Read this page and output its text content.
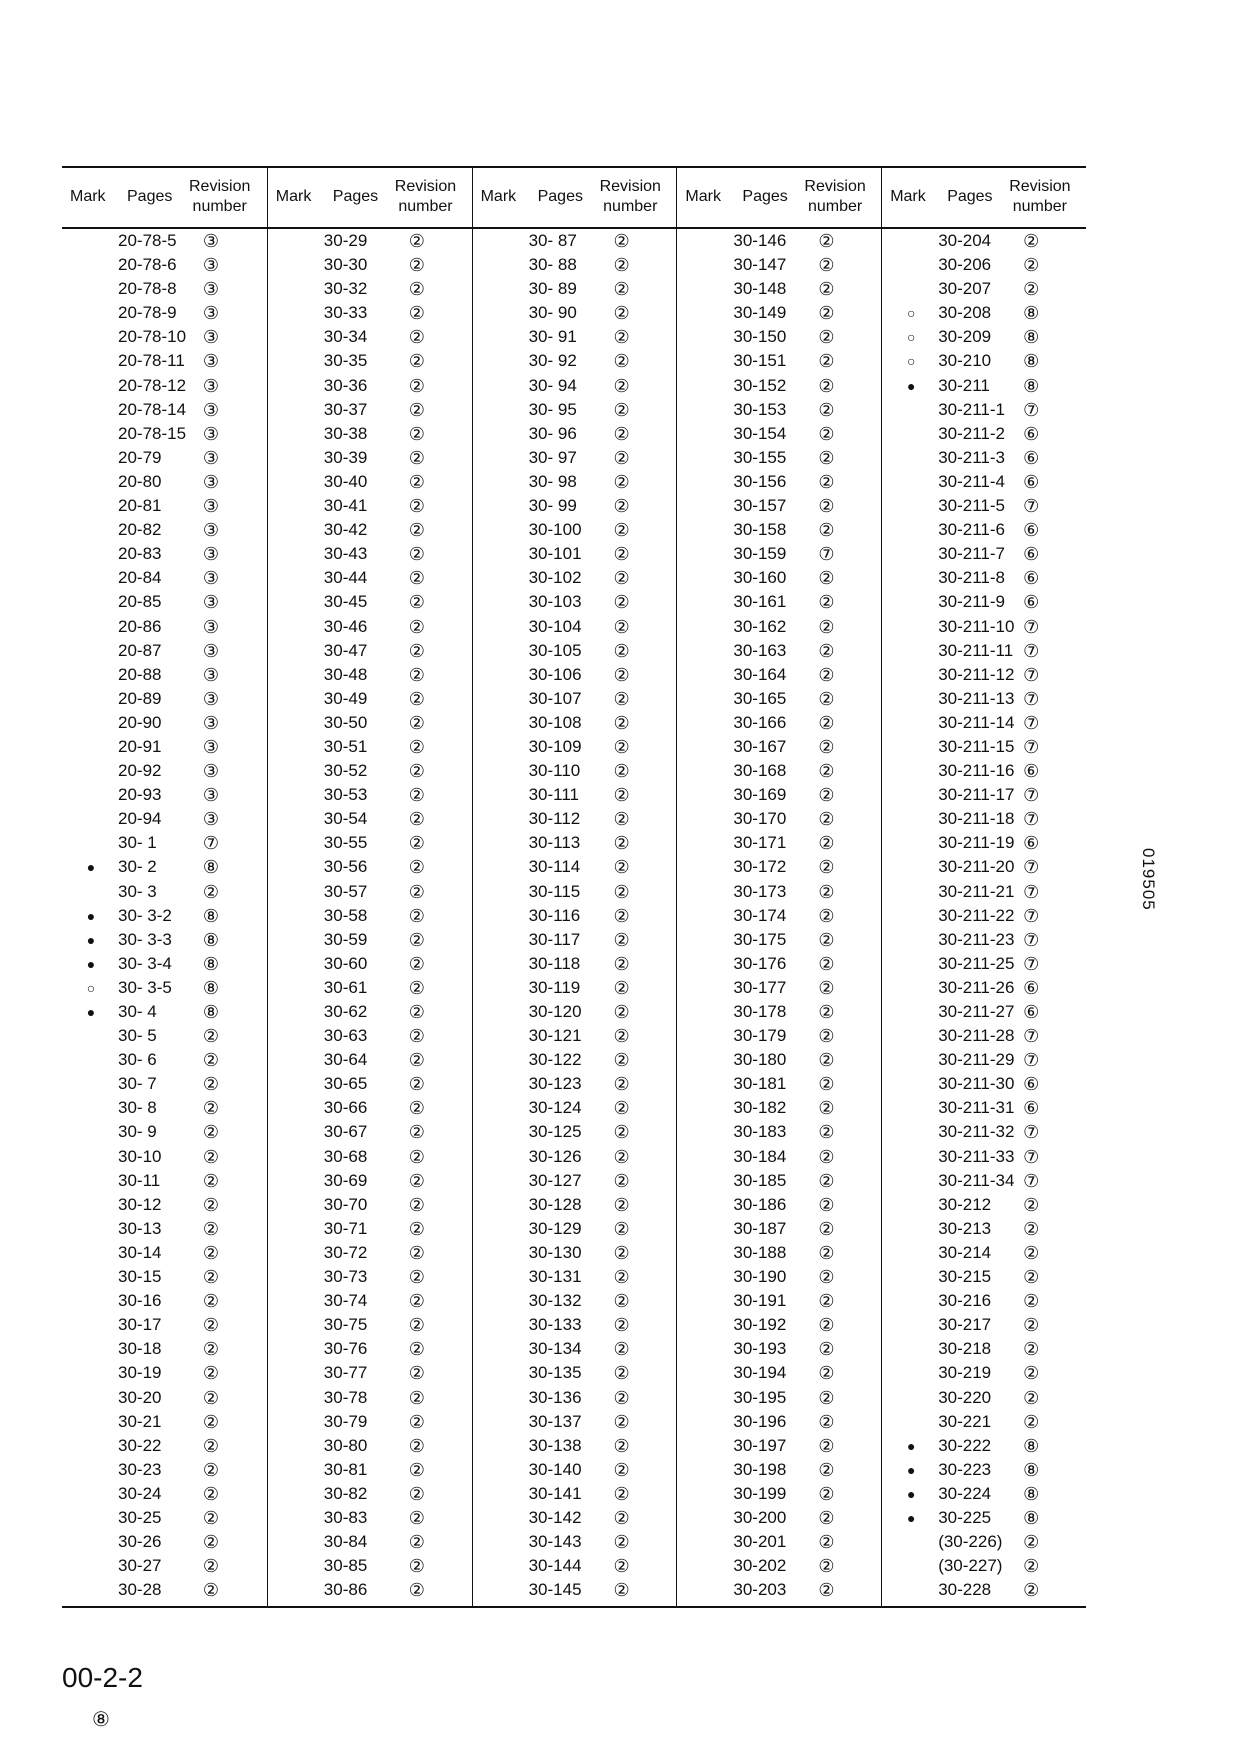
Mark Pages
Revision
number
20-78-5 ③
20-78-6 ③
20-78-8 ③
20-78-9 ③
20-78-10 ③
20-78-11 ③
20-78-12 ③
20-78-14 ③
20-78-15 ③
20-79 ③
20-80 ③
20-81 ③
20-82 ③
20-83 ③
20-84 ③
20-85 ③
20-86 ③
20-87 ③
20-88 ③
20-89 ③
20-90 ③
20-91 ③
20-92 ③
20-93 ③
20-94 ③
30- 1	⑦
● 30- 2	⑧
30- 3	②
● 30- 3-2 ⑧
● 30- 3-3 ⑧
● 30- 3-4 ⑧
○ 30- 3-5 ⑧
● 30- 4	⑧
30- 5	②
30- 6	②
30- 7	②
30- 8	②
30- 9	②
30-10 ②
30-11 ②
30-12 ②
30-13 ②
30-14 ②
30-15 ②
30-16 ②
30-17 ②
30-18 ②
30-19 ②
30-20 ②
30-21 ②
30-22 ②
30-23 ②
30-24 ②
30-25 ②
30-26 ②
30-27 ②
30-28 ②
Mark Pages
Revision
number
30-29 ②
30-30 ②
30-32 ②
30-33 ②
30-34 ②
30-35 ②
30-36 ②
30-37 ②
30-38 ②
30-39 ②
30-40 ②
30-41 ②
30-42 ②
30-43 ②
30-44 ②
30-45 ②
30-46 ②
30-47 ②
30-48 ②
30-49 ②
30-50 ②
30-51 ②
30-52 ②
30-53 ②
30-54 ②
30-55 ②
30-56 ②
30-57 ②
30-58 ②
30-59 ②
30-60 ②
30-61 ②
30-62 ②
30-63 ②
30-64 ②
30-65 ②
30-66 ②
30-67 ②
30-68 ②
30-69 ②
30-70 ②
30-71 ②
30-72 ②
30-73 ②
30-74 ②
30-75 ②
30-76 ②
30-77 ②
30-78 ②
30-79 ②
30-80 ②
30-81 ②
30-82 ②
30-83 ②
30-84 ②
30-85 ②
30-86 ②
Mark Pages
Revision
number
30- 87 ②
30- 88 ②
30- 89 ②
30- 90 ②
30- 91 ②
30- 92 ②
30- 94 ②
30- 95 ②
30- 96 ②
30- 97 ②
30- 98 ②
30- 99 ②
30-100 ②
30-101 ②
30-102 ②
30-103 ②
30-104 ②
30-105 ②
30-106 ②
30-107 ②
30-108 ②
30-109 ②
30-110 ②
30-111 ②
30-112 ②
30-113 ②
30-114 ②
30-115 ②
30-116 ②
30-117 ②
30-118 ②
30-119 ②
30-120 ②
30-121 ②
30-122 ②
30-123 ②
30-124 ②
30-125 ②
30-126 ②
30-127 ②
30-128 ②
30-129 ②
30-130 ②
30-131 ②
30-132 ②
30-133 ②
30-134 ②
30-135 ②
30-136 ②
30-137 ②
30-138 ②
30-140 ②
30-141 ②
30-142 ②
30-143 ②
30-144 ②
30-145 ②
Mark Pages
Revision
number
30-146 ②
30-147 ②
30-148 ②
30-149 ②
30-150 ②
30-151 ②
30-152 ②
30-153 ②
30-154 ②
30-155 ②
30-156 ②
30-157 ②
30-158 ②
30-159 ⑦
30-160 ②
30-161 ②
30-162 ②
30-163 ②
30-164 ②
30-165 ②
30-166 ②
30-167 ②
30-168 ②
30-169 ②
30-170 ②
30-171 ②
30-172 ②
30-173 ②
30-174 ②
30-175 ②
30-176 ②
30-177 ②
30-178 ②
30-179 ②
30-180 ②
30-181 ②
30-182 ②
30-183 ②
30-184 ②
30-185 ②
30-186 ②
30-187 ②
30-188 ②
30-190 ②
30-191 ②
30-192 ②
30-193 ②
30-194 ②
30-195 ②
30-196 ②
30-197 ②
30-198 ②
30-199 ②
30-200 ②
30-201 ②
30-202 ②
30-203 ②
Mark Pages
Revision
number
30-204 ②
30-206 ②
30-207 ②
○ 30-208 ⑧
○ 30-209 ⑧
○ 30-210 ⑧
● 30-211 ⑧
30-211-1 ⑦
30-211-2 ⑥
30-211-3 ⑥
30-211-4 ⑥
30-211-5 ⑦
30-211-6 ⑥
30-211-7 ⑥
30-211-8 ⑥
30-211-9 ⑥
30-211-10 ⑦
30-211-11 ⑦
30-211-12 ⑦
30-211-13 ⑦
30-211-14 ⑦
30-211-15 ⑦
30-211-16 ⑥
30-211-17 ⑦
30-211-18 ⑦
30-211-19 ⑥
30-211-20 ⑦
30-211-21 ⑦
30-211-22 ⑦
30-211-23 ⑦
30-211-25 ⑦
30-211-26 ⑥
30-211-27 ⑥
30-211-28 ⑦
30-211-29 ⑦
30-211-30 ⑥
30-211-31 ⑥
30-211-32 ⑦
30-211-33 ⑦
30-211-34 ⑦
30-212 ②
30-213 ②
30-214 ②
30-215 ②
30-216 ②
30-217 ②
30-218 ②
30-219 ②
30-220 ②
30-221 ②
● 30-222 ⑧
● 30-223 ⑧
● 30-224 ⑧
● 30-225 ⑧
(30-226) ②
(30-227) ②
30-228 ②
019505
00-2-2
⑧
